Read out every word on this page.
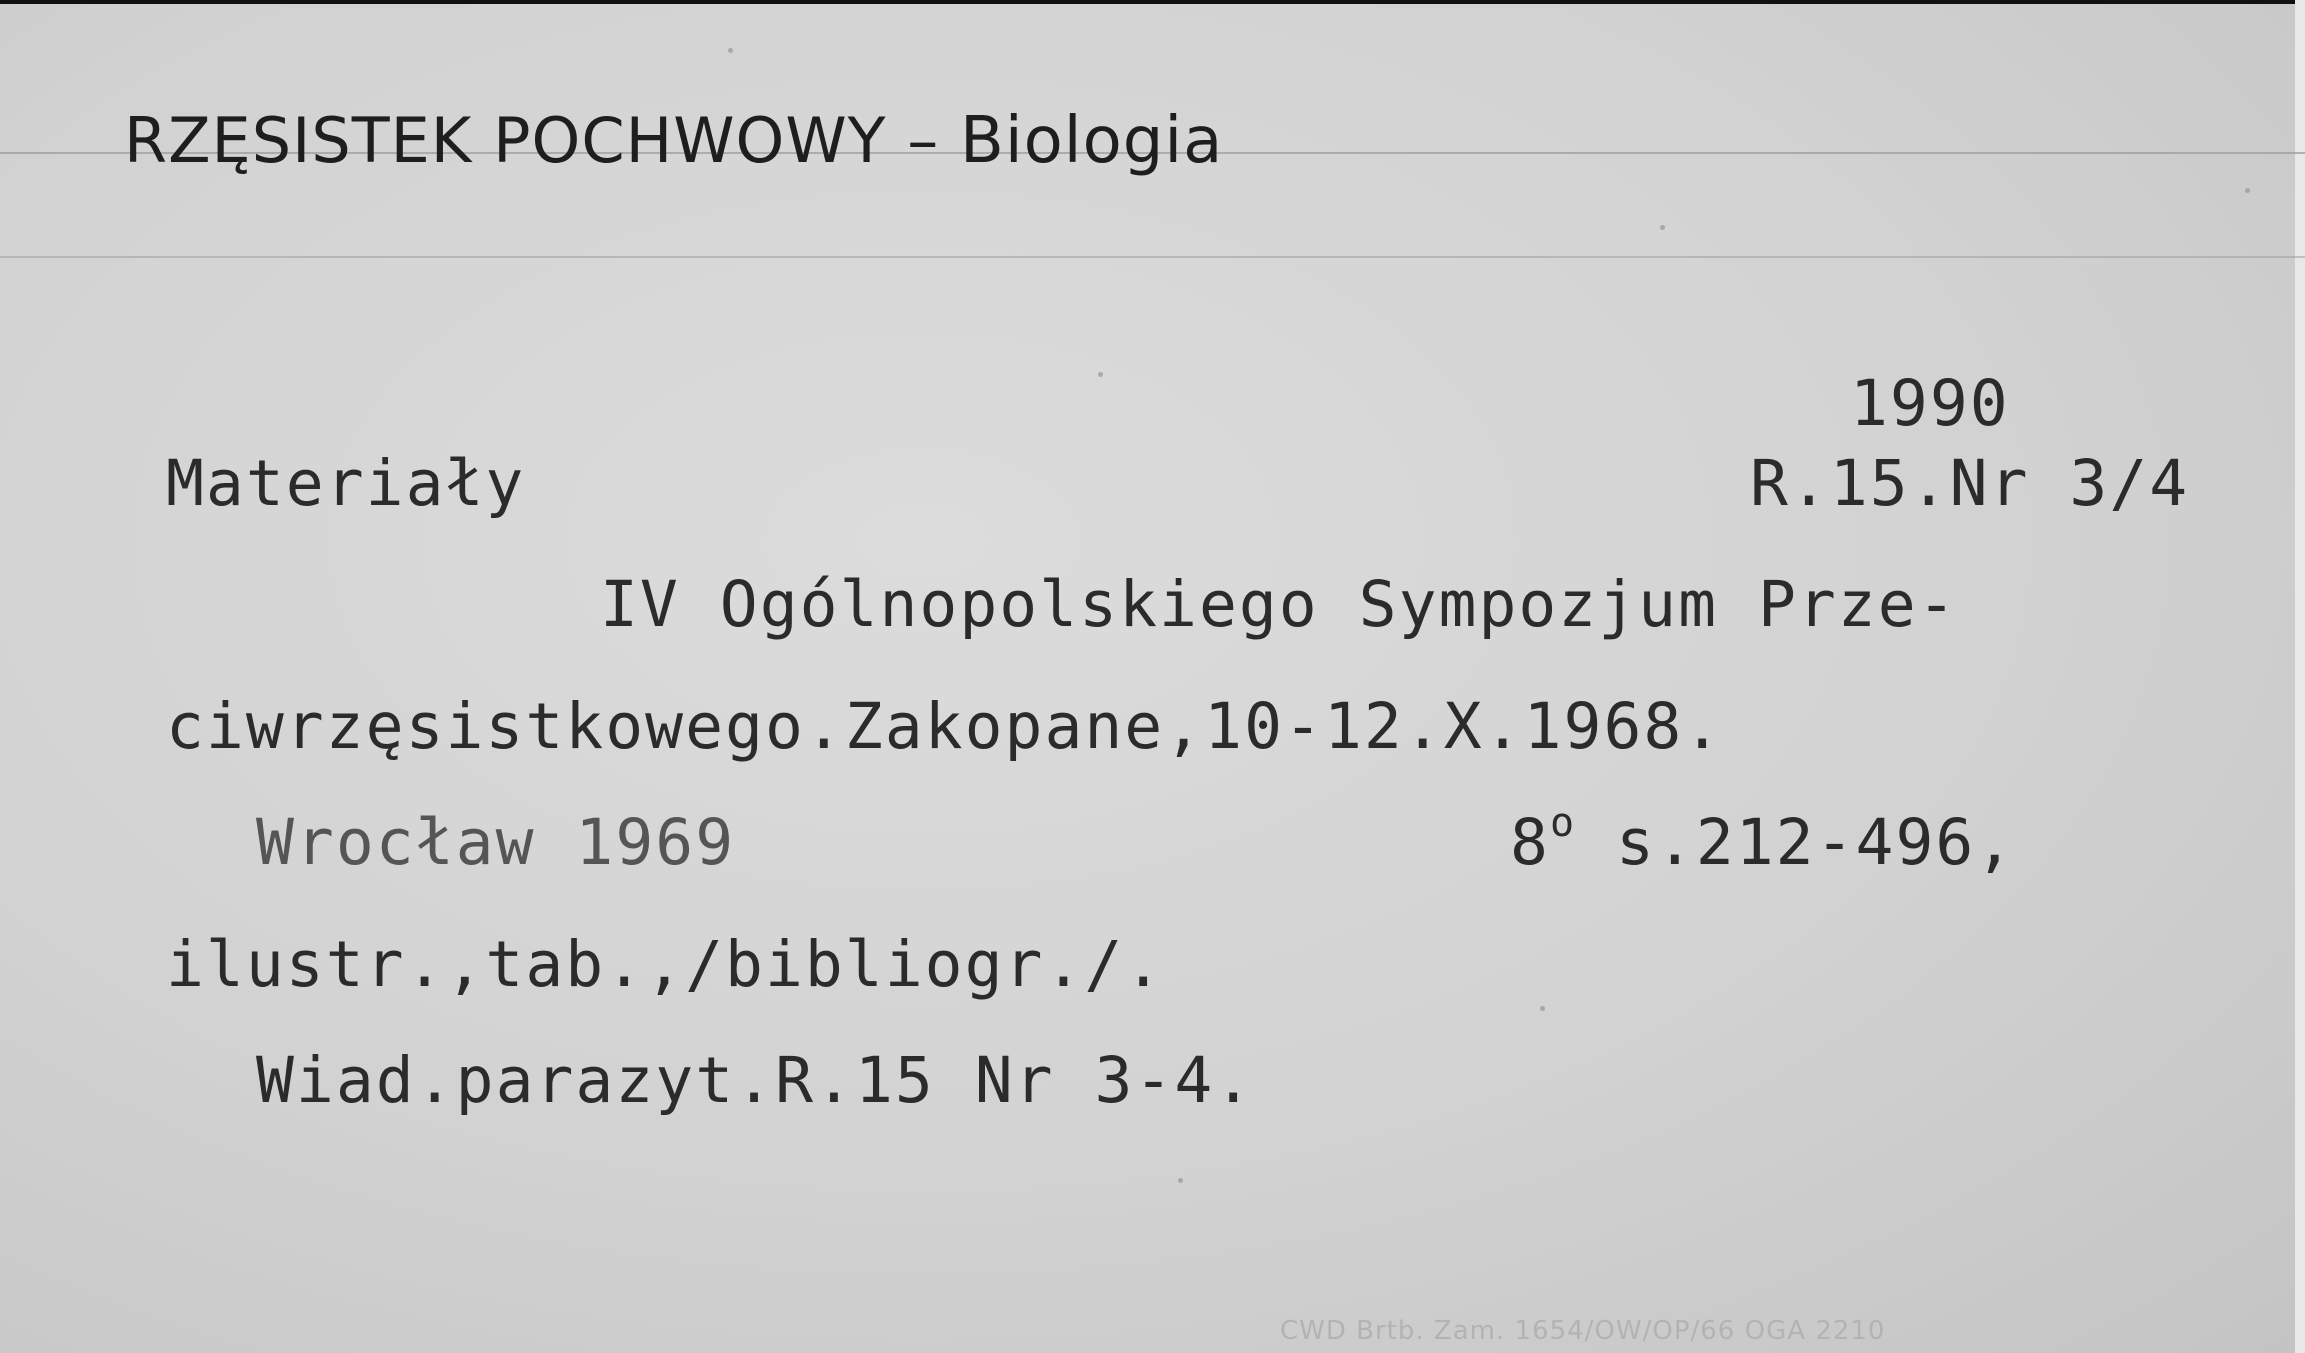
RZĘSISTEK POCHWOWY – Biologia
1990
R.15.Nr 3/4
Materiały
IV Ogólnopolskiego Sympozjum Prze-
ciwrzęsistkowego.Zakopane,10-12.X.1968.
Wrocław 1969	8$^o$ s.212-496,
ilustr.,tab.,/bibliogr./.
Wiad.parazyt.R.15 Nr 3-4.
CWD Brtb. Zam. 1654/OW/OP/66 OGA 2210
